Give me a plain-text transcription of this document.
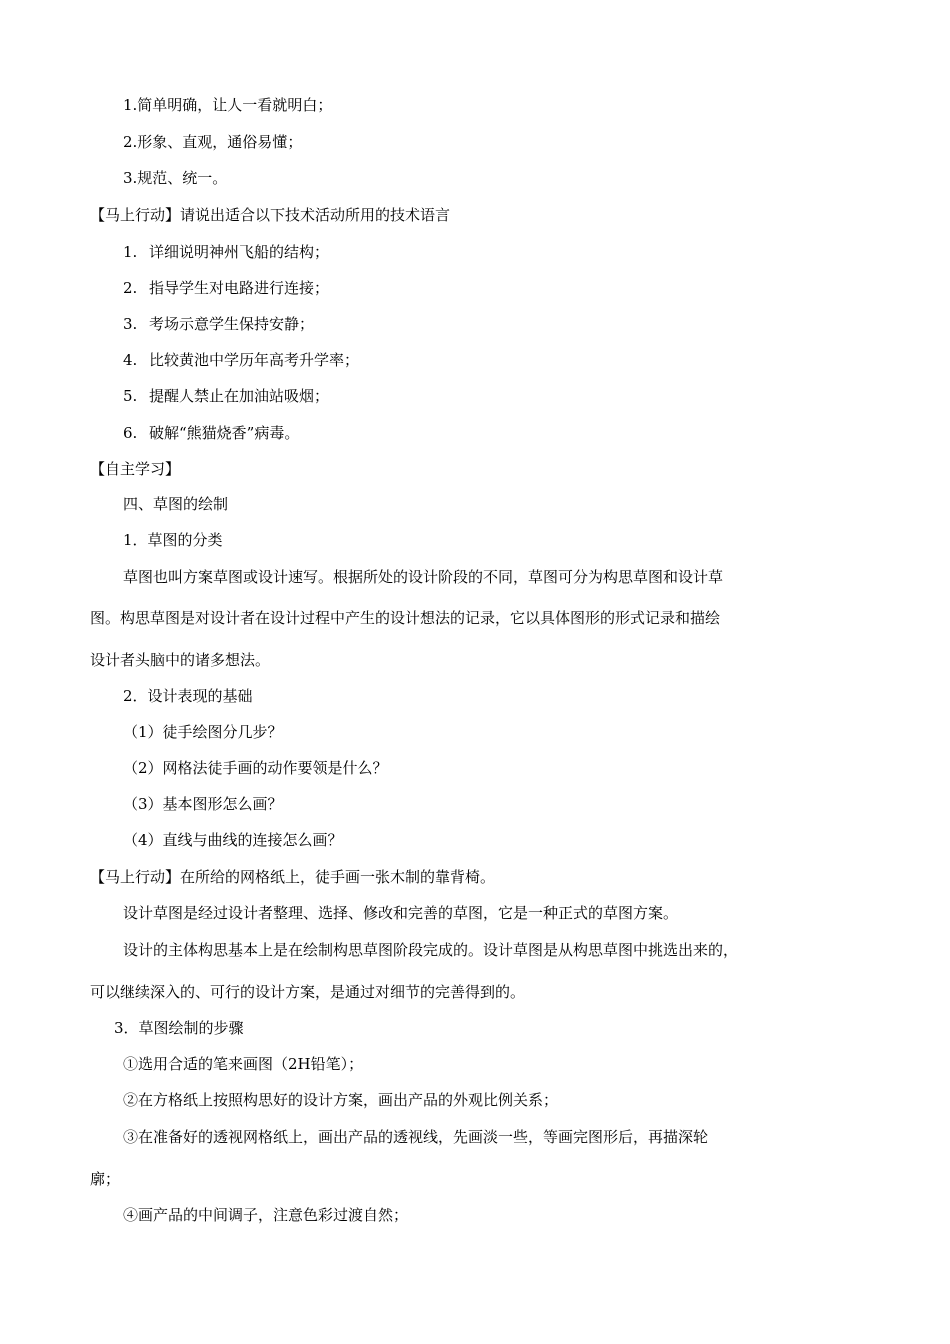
1.简单明确，让人一看就明白；
2.形象、直观，通俗易懂；
3.规范、统一。
【马上行动】请说出适合以下技术活动所用的技术语言
1. 详细说明神州飞船的结构；
2. 指导学生对电路进行连接；
3. 考场示意学生保持安静；
4. 比较黄池中学历年高考升学率；
5. 提醒人禁止在加油站吸烟；
6. 破解“熊猫烧香”病毒。
【自主学习】
四、草图的绘制
1．草图的分类
草图也叫方案草图或设计速写。根据所处的设计阶段的不同，草图可分为构思草图和设计草
图。构思草图是对设计者在设计过程中产生的设计想法的记录，它以具体图形的形式记录和描绘
设计者头脑中的诸多想法。
2．设计表现的基础
（1）徒手绘图分几步？
（2）网格法徒手画的动作要领是什么？
（3）基本图形怎么画？
（4）直线与曲线的连接怎么画？
【马上行动】在所给的网格纸上，徒手画一张木制的靠背椅。
设计草图是经过设计者整理、选择、修改和完善的草图，它是一种正式的草图方案。
设计的主体构思基本上是在绘制构思草图阶段完成的。设计草图是从构思草图中挑选出来的，
可以继续深入的、可行的设计方案，是通过对细节的完善得到的。
3．草图绘制的步骤
①选用合适的笔来画图（2H铅笔）；
②在方格纸上按照构思好的设计方案，画出产品的外观比例关系；
③在准备好的透视网格纸上，画出产品的透视线，先画淡一些，等画完图形后，再描深轮
廓；
④画产品的中间调子，注意色彩过渡自然；
